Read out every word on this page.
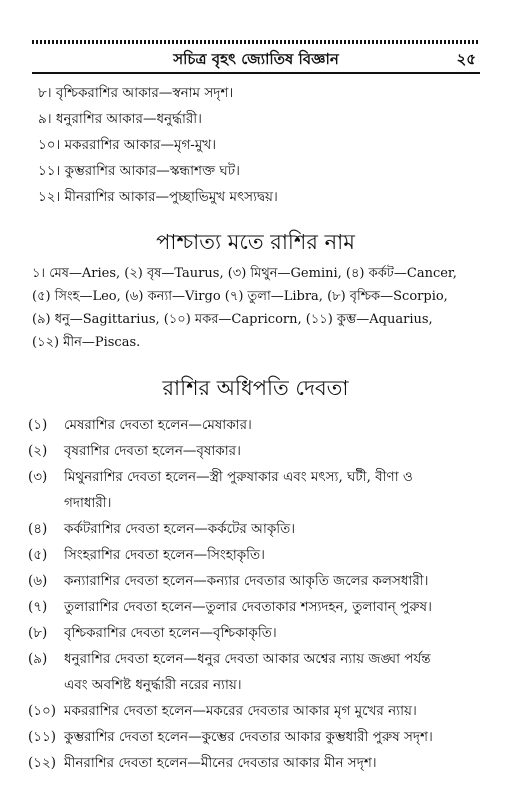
সচিত্র বৃহৎ জ্যোতিষ বিজ্ঞান	২৫
৮। বৃশ্চিকরাশির আকার—স্বনাম সদৃশ।
৯। ধনুরাশির আকার—ধনুর্দ্ধারী।
১০। মকররাশির আকার—মৃগ-মুখ।
১১। কুম্ভরাশির আকার—স্কন্ধাশক্ত ঘট।
১২। মীনরাশির আকার—পুচ্ছাভিমুখ মৎস্যদ্বয়।
পাশ্চাত্য মতে রাশির নাম
১। মেষ—Aries, (২) বৃষ—Taurus, (৩) মিথুন—Gemini, (৪) কর্কট—Cancer,
(৫) সিংহ—Leo, (৬) কন্যা—Virgo (৭) তুলা—Libra, (৮) বৃশ্চিক—Scorpio,
(৯) ধনু—Sagittarius, (১০) মকর—Capricorn, (১১) কুম্ভ—Aquarius,
(১২) মীন—Piscas.
রাশির অধিপতি দেবতা
(১)	মেষরাশির দেবতা হলেন—মেষাকার।
(২)	বৃষরাশির দেবতা হলেন—বৃষাকার।
(৩)	মিথুনরাশির দেবতা হলেন—স্ত্রী পুরুষাকার এবং মৎস্য, ঘটী, বীণা ও
গদাধারী।
(৪)	কর্কটরাশির দেবতা হলেন—কর্কটের আকৃতি।
(৫)	সিংহরাশির দেবতা হলেন—সিংহাকৃতি।
(৬)	কন্যারাশির দেবতা হলেন—কন্যার দেবতার আকৃতি জলের কলসধারী।
(৭)	তুলারাশির দেবতা হলেন—তুলার দেবতাকার শস্যদহন, তুলাবান্ পুরুষ।
(৮)	বৃশ্চিকরাশির দেবতা হলেন—বৃশ্চিকাকৃতি।
(৯)	ধনুরাশির দেবতা হলেন—ধনুর দেবতা আকার অশ্বের ন্যায় জঙ্ঘা পর্যন্ত
এবং অবশিষ্ট ধনুর্দ্ধারী নরের ন্যায়।
(১০) মকররাশির দেবতা হলেন—মকরের দেবতার আকার মৃগ মুখের ন্যায়।
(১১) কুম্ভরাশির দেবতা হলেন—কুম্ভের দেবতার আকার কুম্ভধারী পুরুষ সদৃশ।
(১২) মীনরাশির দেবতা হলেন—মীনের দেবতার আকার মীন সদৃশ।
